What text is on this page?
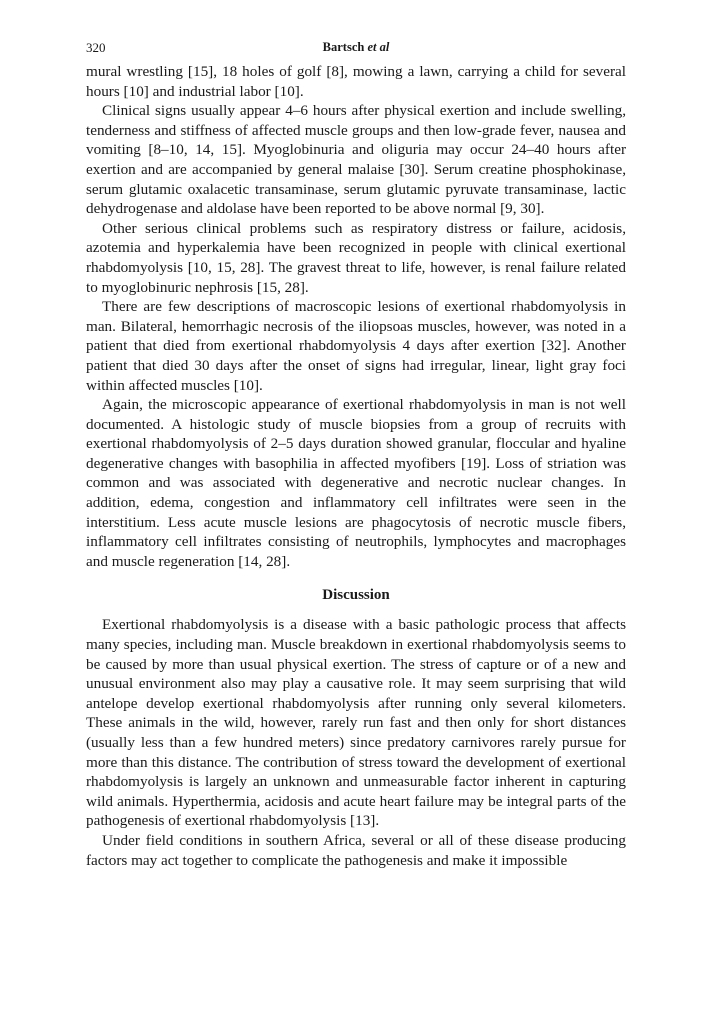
320	Bartsch et al

mural wrestling [15], 18 holes of golf [8], mowing a lawn, carrying a child for several hours [10] and industrial labor [10].

Clinical signs usually appear 4–6 hours after physical exertion and include swelling, tenderness and stiffness of affected muscle groups and then low-grade fever, nausea and vomiting [8–10, 14, 15]. Myoglobinuria and oliguria may occur 24–40 hours after exertion and are accompanied by general malaise [30]. Serum creatine phosphokinase, serum glutamic oxalacetic transaminase, serum glutamic pyruvate transaminase, lactic dehydrogenase and aldolase have been reported to be above normal [9, 30].

Other serious clinical problems such as respiratory distress or failure, acidosis, azotemia and hyperkalemia have been recognized in people with clinical exertional rhabdomyolysis [10, 15, 28]. The gravest threat to life, however, is renal failure related to myoglobinuric nephrosis [15, 28].

There are few descriptions of macroscopic lesions of exertional rhabdomyolysis in man. Bilateral, hemorrhagic necrosis of the iliopsoas muscles, however, was noted in a patient that died from exertional rhabdomyolysis 4 days after exertion [32]. Another patient that died 30 days after the onset of signs had irregular, linear, light gray foci within affected muscles [10].

Again, the microscopic appearance of exertional rhabdomyolysis in man is not well documented. A histologic study of muscle biopsies from a group of recruits with exertional rhabdomyolysis of 2–5 days duration showed granular, floccular and hyaline degenerative changes with basophilia in affected myofibers [19]. Loss of striation was common and was associated with degenerative and necrotic nuclear changes. In addition, edema, congestion and inflammatory cell infiltrates were seen in the interstitium. Less acute muscle lesions are phagocytosis of necrotic muscle fibers, inflammatory cell infiltrates consisting of neutrophils, lymphocytes and macrophages and muscle regeneration [14, 28].

Discussion

Exertional rhabdomyolysis is a disease with a basic pathologic process that affects many species, including man. Muscle breakdown in exertional rhabdomyolysis seems to be caused by more than usual physical exertion. The stress of capture or of a new and unusual environment also may play a causative role. It may seem surprising that wild antelope develop exertional rhabdomyolysis after running only several kilometers. These animals in the wild, however, rarely run fast and then only for short distances (usually less than a few hundred meters) since predatory carnivores rarely pursue for more than this distance. The contribution of stress toward the development of exertional rhabdomyolysis is largely an unknown and unmeasurable factor inherent in capturing wild animals. Hyperthermia, acidosis and acute heart failure may be integral parts of the pathogenesis of exertional rhabdomyolysis [13].

Under field conditions in southern Africa, several or all of these disease producing factors may act together to complicate the pathogenesis and make it impossible
